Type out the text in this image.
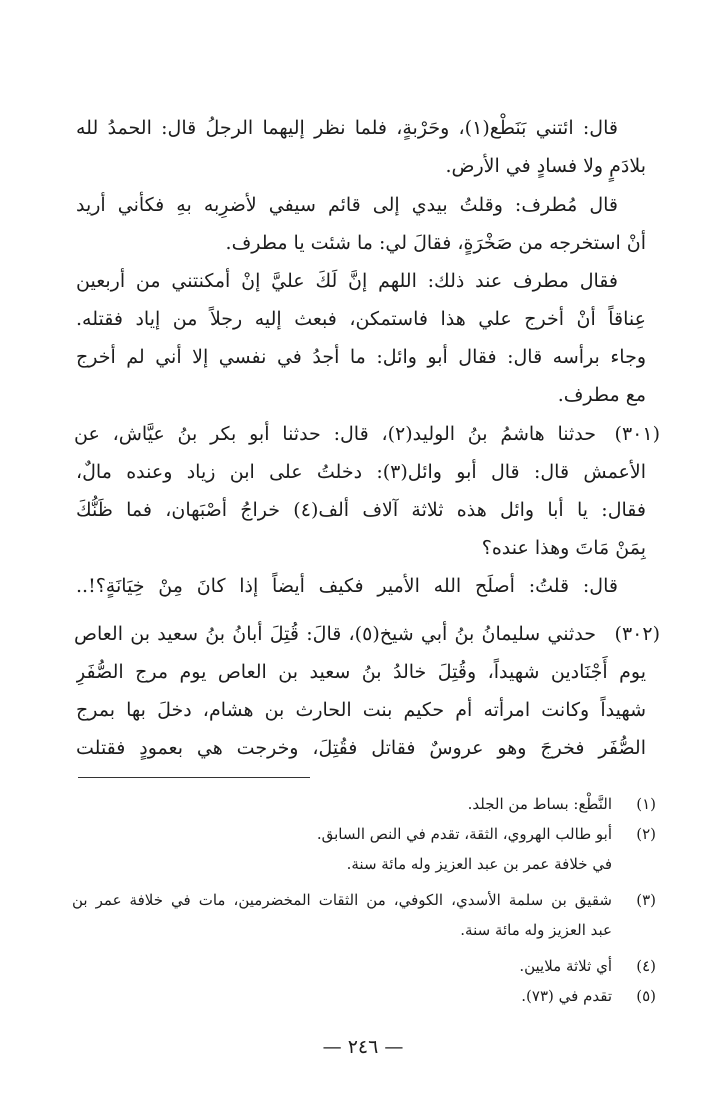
قال: ائتني بَنَطْع(١)، وحَرْبةٍ، فلما نظر إليهما الرجلُ قال: الحمدُ لله
بلادَمٍ ولا فسادٍ في الأرض.
قال مُطرف: وقلتُ بيدي إلى قائم سيفي لأضرِبه بهِ فكأني أريد
أنْ استخرجه من صَخْرَةٍ، فقالَ لي: ما شئت يا مطرف.
فقال مطرف عند ذلك: اللهم إنَّ لَكَ عليَّ إنْ أمكنتني من أربعين
عِناقاً أنْ أخرج علي هذا فاستمكن، فبعث إليه رجلاً من إياد فقتله.
وجاء برأسه قال: فقال أبو وائل: ما أجدُ في نفسي إلا أني لم أخرج
مع مطرف.
(٣٠١)
حدثنا هاشمُ بنُ الوليد(٢)، قال: حدثنا أبو بكر بنُ عيَّاش، عن
الأعمش قال: قال أبو وائل(٣): دخلتُ على ابن زياد وعنده مالٌ،
فقال: يا أبا وائل هذه ثلاثة آلاف ألف(٤) خراجُ أصْبَهان، فما ظَنُّكَ
بِمَنْ مَاتَ وهذا عنده؟
قال: قلتُ: أصلَح الله الأمير فكيف أيضاً إذا كانَ مِنْ خِيَانَةٍ؟!..
(٣٠٢)
حدثني سليمانُ بنُ أبي شيخ(٥)، قالَ: قُتِلَ أبانُ بنُ سعيد بن العاص
يوم أَجْنَادين شهيداً، وقُتِلَ خالدُ بنُ سعيد بن العاص يوم مرج الصُّفَرِ
شهيداً وكانت امرأته أم حكيم بنت الحارث بن هشام، دخلَ بها بمرج
الصُّفَر فخرجَ وهو عروسٌ فقاتل فقُتِلَ، وخرجت هي بعمودٍ فقتلت
(١)
النَّطْع: بساط من الجلد.
(٢)
أبو طالب الهروي، الثقة، تقدم في النص السابق.
في خلافة عمر بن عبد العزيز وله مائة سنة.
(٣)
شقيق بن سلمة الأسدي، الكوفي، من الثقات المخضرمين، مات في خلافة عمر بن
عبد العزيز وله مائة سنة.
(٤)
أي ثلاثة ملايين.
(٥)
تقدم في (٧٣).
— ٢٤٦ —
